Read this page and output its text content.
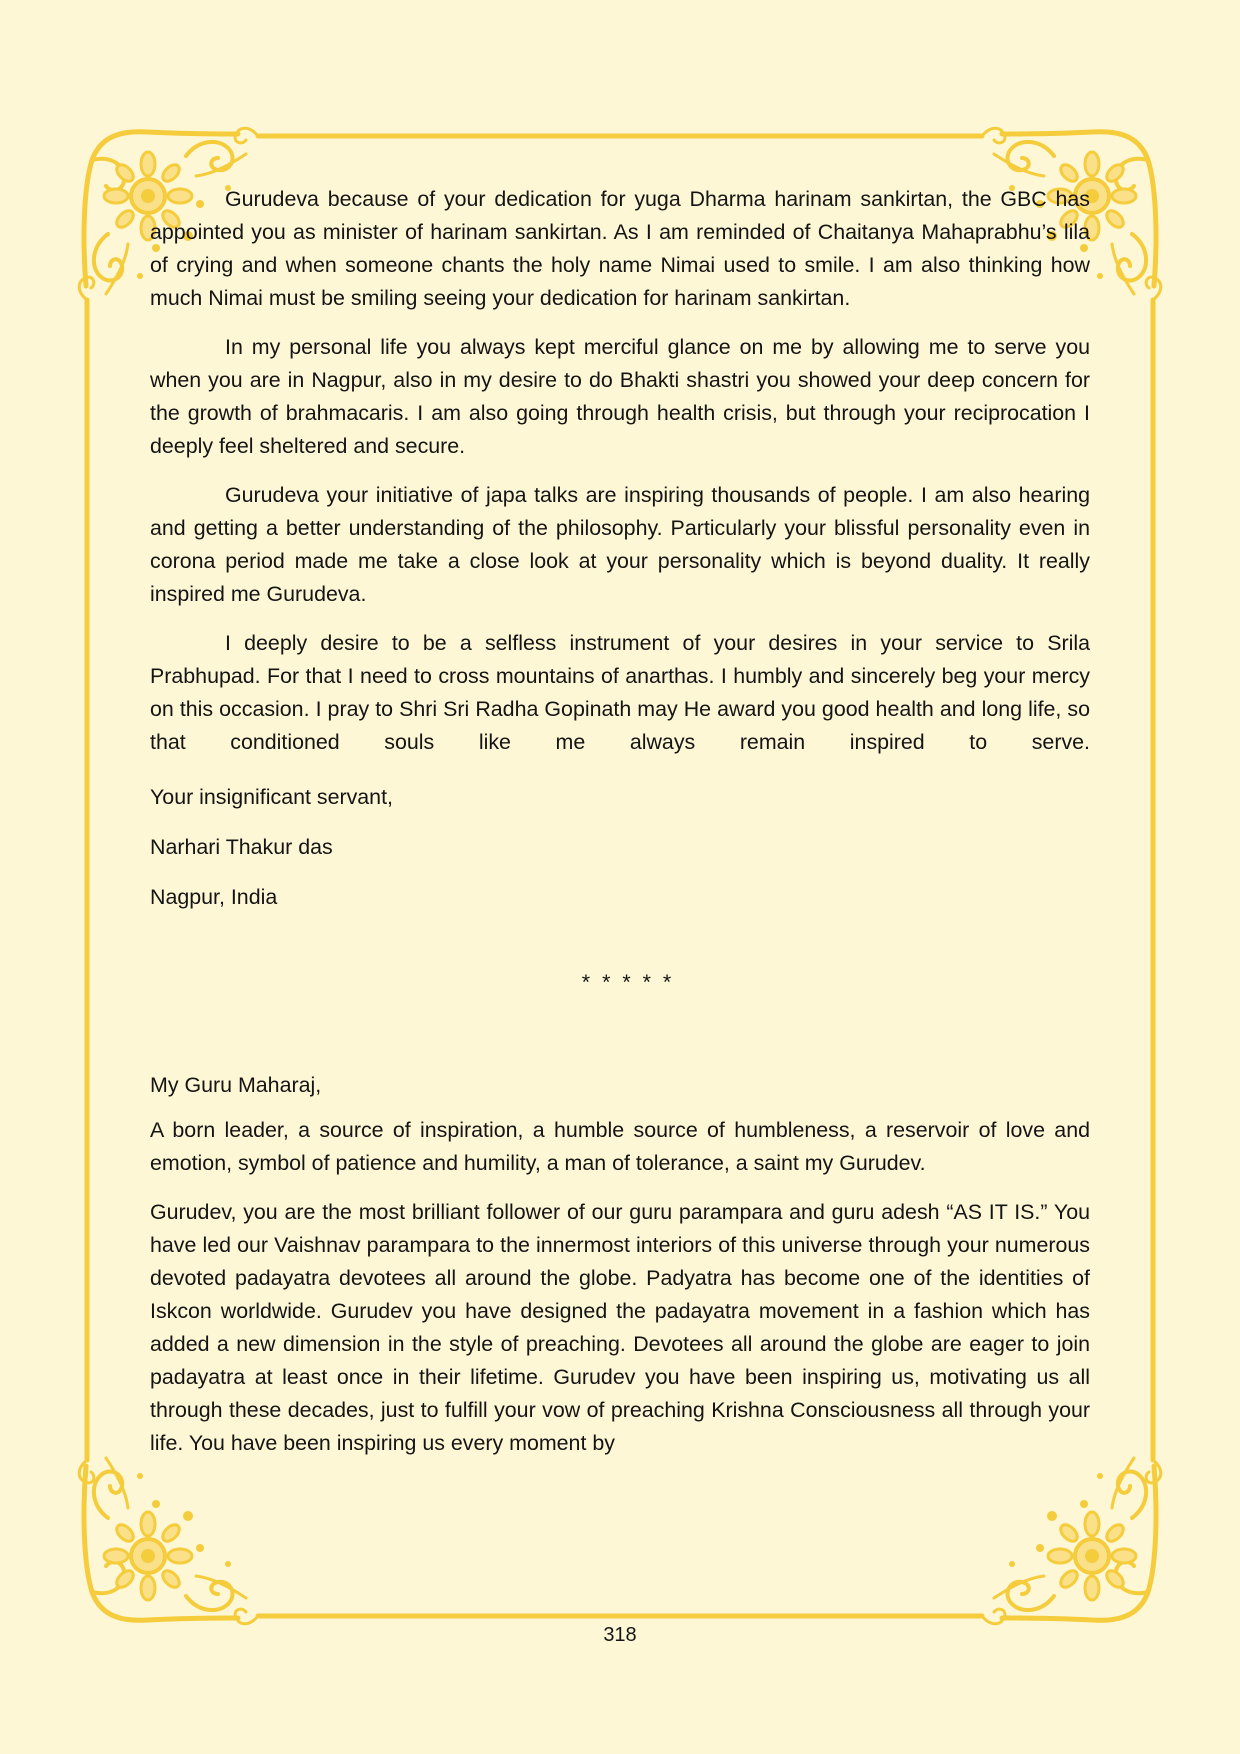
Gurudeva because of your dedication for yuga Dharma harinam sankirtan, the GBC has appointed you as minister of harinam sankirtan. As I am reminded of Chaitanya Mahaprabhu’s lila of crying and when someone chants the holy name Nimai used to smile. I am also thinking how much Nimai must be smiling seeing your dedication for harinam sankirtan.

In my personal life you always kept merciful glance on me by allowing me to serve you when you are in Nagpur, also in my desire to do Bhakti shastri you showed your deep concern for the growth of brahmacaris. I am also going through health crisis, but through your reciprocation I deeply feel sheltered and secure.

Gurudeva your initiative of japa talks are inspiring thousands of people. I am also hearing and getting a better understanding of the philosophy. Particularly your blissful personality even in corona period made me take a close look at your personality which is beyond duality. It really inspired me Gurudeva.

I deeply desire to be a selfless instrument of your desires in your service to Srila Prabhupad. For that I need to cross mountains of anarthas. I humbly and sincerely beg your mercy on this occasion. I pray to Shri Sri Radha Gopinath may He award you good health and long life, so that conditioned souls like me always remain inspired to serve.

Your insignificant servant,

Narhari Thakur das

Nagpur, India

* * * * *

My Guru Maharaj,

A born leader, a source of inspiration, a humble source of humbleness, a reservoir of love and emotion, symbol of patience and humility, a man of tolerance, a saint my Gurudev.

Gurudev, you are the most brilliant follower of our guru parampara and guru adesh “AS IT IS.” You have led our Vaishnav parampara to the innermost interiors of this universe through your numerous devoted padayatra devotees all around the globe. Padyatra has become one of the identities of Iskcon worldwide. Gurudev you have designed the padayatra movement in a fashion which has added a new dimension in the style of preaching. Devotees all around the globe are eager to join padayatra at least once in their lifetime. Gurudev you have been inspiring us, motivating us all through these decades, just to fulfill your vow of preaching Krishna Consciousness all through your life. You have been inspiring us every moment by

318
